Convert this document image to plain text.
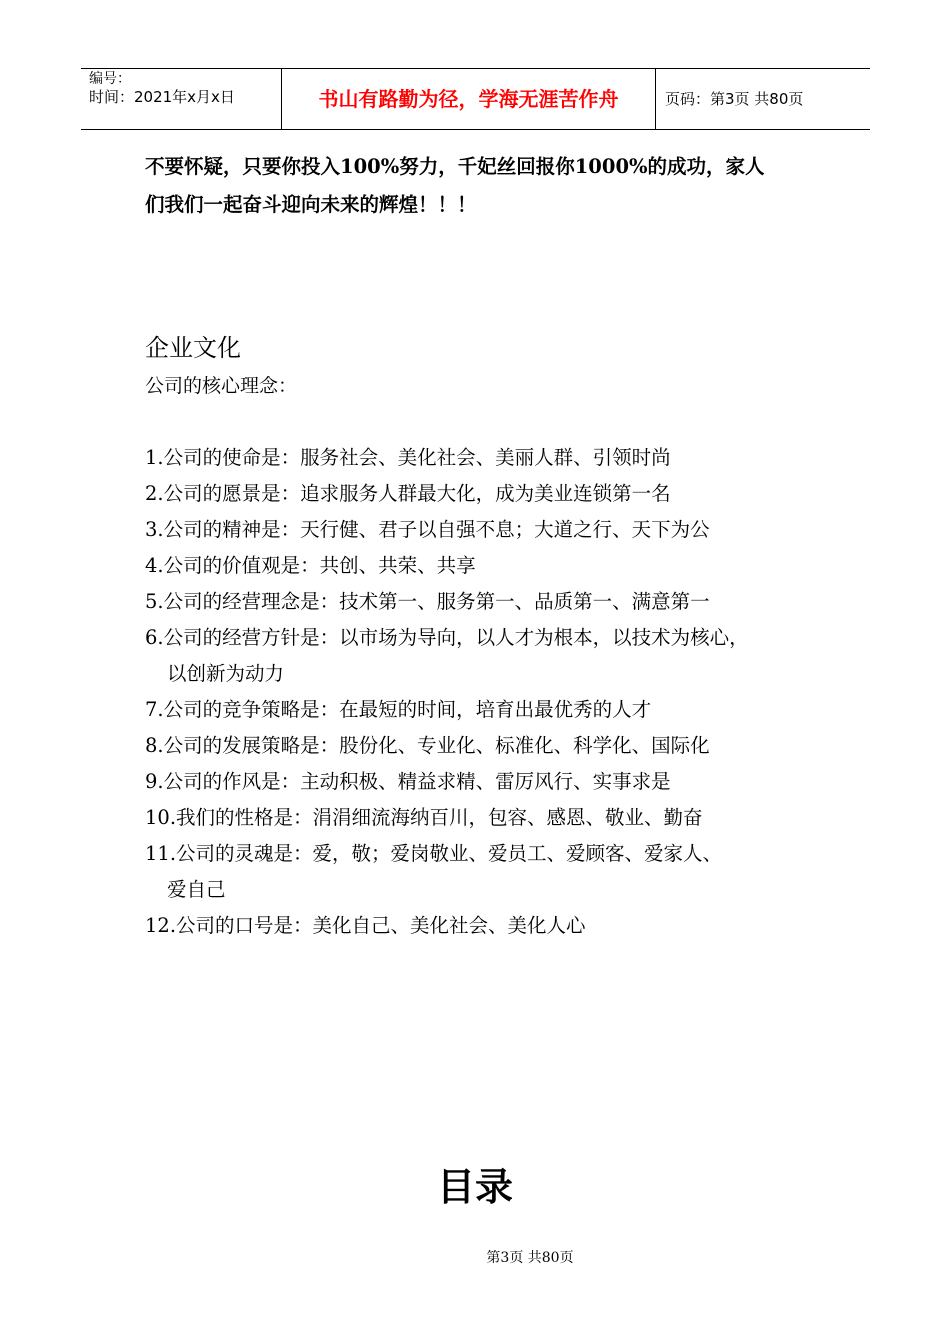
编号：
时间：2021年x月x日	书山有路勤为径，学海无涯苦作舟	页码：第3页 共80页
不要怀疑，只要你投入100%努力，千妃丝回报你1000%的成功，家人
们我们一起奋斗迎向未来的辉煌！！！
企业文化
公司的核心理念：
1.公司的使命是：服务社会、美化社会、美丽人群、引领时尚
2.公司的愿景是：追求服务人群最大化，成为美业连锁第一名
3.公司的精神是：天行健、君子以自强不息；大道之行、天下为公
4.公司的价值观是：共创、共荣、共享
5.公司的经营理念是：技术第一、服务第一、品质第一、满意第一
6.公司的经营方针是：以市场为导向，以人才为根本，以技术为核心，
以创新为动力
7.公司的竞争策略是：在最短的时间，培育出最优秀的人才
8.公司的发展策略是：股份化、专业化、标准化、科学化、国际化
9.公司的作风是：主动积极、精益求精、雷厉风行、实事求是
10.我们的性格是：涓涓细流海纳百川，包容、感恩、敬业、勤奋
11.公司的灵魂是：爱，敬；爱岗敬业、爱员工、爱顾客、爱家人、
爱自己
12.公司的口号是：美化自己、美化社会、美化人心
目录
第3页 共80页
